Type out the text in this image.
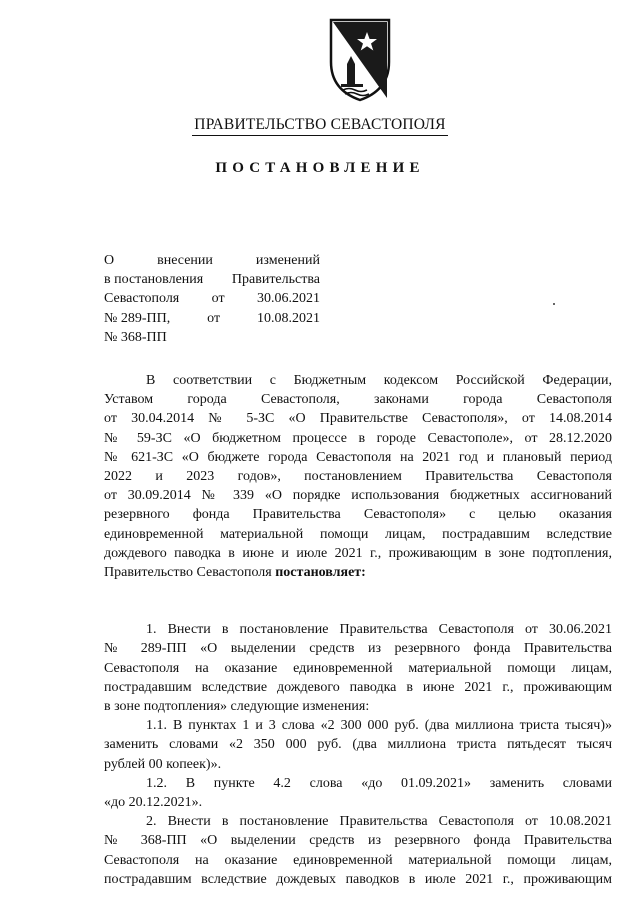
ПРАВИТЕЛЬСТВО СЕВАСТОПОЛЯ
ПОСТАНОВЛЕНИЕ
О	внесении	изменений
в постановления Правительства
Севастополя от 30.06.2021
№ 289-ПП,	от	10.08.2021
№ 368-ПП
В соответствии с Бюджетным кодексом Российской Федерации,
Уставом города Севастополя, законами города Севастополя
от 30.04.2014 № 5-ЗС «О Правительстве Севастополя», от 14.08.2014
№ 59-ЗС «О бюджетном процессе в городе Севастополе», от 28.12.2020
№ 621-ЗС «О бюджете города Севастополя на 2021 год и плановый период
2022 и 2023 годов», постановлением Правительства Севастополя
от 30.09.2014 № 339 «О порядке использования бюджетных ассигнований
резервного фонда Правительства Севастополя» с целью оказания
единовременной материальной помощи лицам, пострадавшим вследствие
дождевого паводка в июне и июле 2021 г., проживающим в зоне подтопления,
Правительство Севастополя постановляет:
1. Внести в постановление Правительства Севастополя от 30.06.2021
№ 289-ПП «О выделении средств из резервного фонда Правительства
Севастополя на оказание единовременной материальной помощи лицам,
пострадавшим вследствие дождевого паводка в июне 2021 г., проживающим
в зоне подтопления» следующие изменения:
1.1. В пунктах 1 и 3 слова «2 300 000 руб. (два миллиона триста тысяч)»
заменить словами «2 350 000 руб. (два миллиона триста пятьдесят тысяч
рублей 00 копеек)».
1.2. В пункте 4.2 слова «до 01.09.2021» заменить словами
«до 20.12.2021».
2. Внести в постановление Правительства Севастополя от 10.08.2021
№ 368-ПП «О выделении средств из резервного фонда Правительства
Севастополя на оказание единовременной материальной помощи лицам,
пострадавшим вследствие дождевых паводков в июле 2021 г., проживающим
